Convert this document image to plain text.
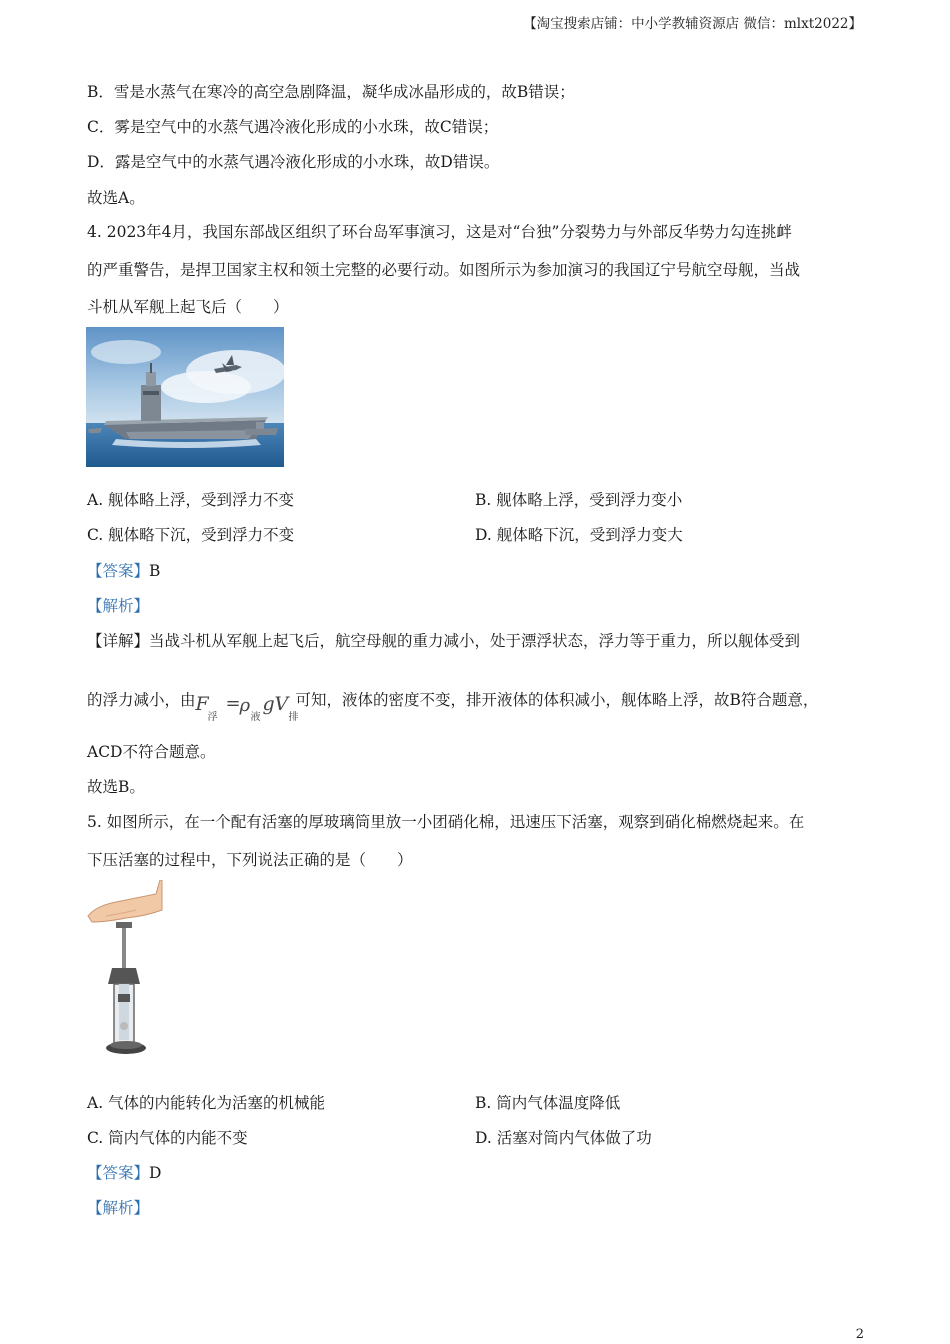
【淘宝搜索店铺：中小学教辅资源店 微信：mlxt2022】
B．雪是水蒸气在寒冷的高空急剧降温，凝华成冰晶形成的，故B错误；
C．雾是空气中的水蒸气遇冷液化形成的小水珠，故C错误；
D．露是空气中的水蒸气遇冷液化形成的小水珠，故D错误。
故选A。
4. 2023年4月，我国东部战区组织了环台岛军事演习，这是对“台独”分裂势力与外部反华势力勾连挑衅
的严重警告，是捍卫国家主权和领土完整的必要行动。如图所示为参加演习的我国辽宁号航空母舰，当战
斗机从军舰上起飞后（　　）
A. 舰体略上浮，受到浮力不变	B. 舰体略上浮，受到浮力变小
C. 舰体略下沉，受到浮力不变	D. 舰体略下沉，受到浮力变大
【答案】B
【解析】
【详解】当战斗机从军舰上起飞后，航空母舰的重力减小，处于漂浮状态，浮力等于重力，所以舰体受到
的浮力减小，由 F
浮
=
ρ
液
g V
排
可知，液体的密度不变，排开液体的体积减小，舰体略上浮，故B符合题意，
ACD不符合题意。
故选B。
5. 如图所示，在一个配有活塞的厚玻璃筒里放一小团硝化棉，迅速压下活塞，观察到硝化棉燃烧起来。在
下压活塞的过程中，下列说法正确的是（　　）
A. 气体的内能转化为活塞的机械能	B. 筒内气体温度降低
C. 筒内气体的内能不变	D. 活塞对筒内气体做了功
【答案】D
【解析】
2
